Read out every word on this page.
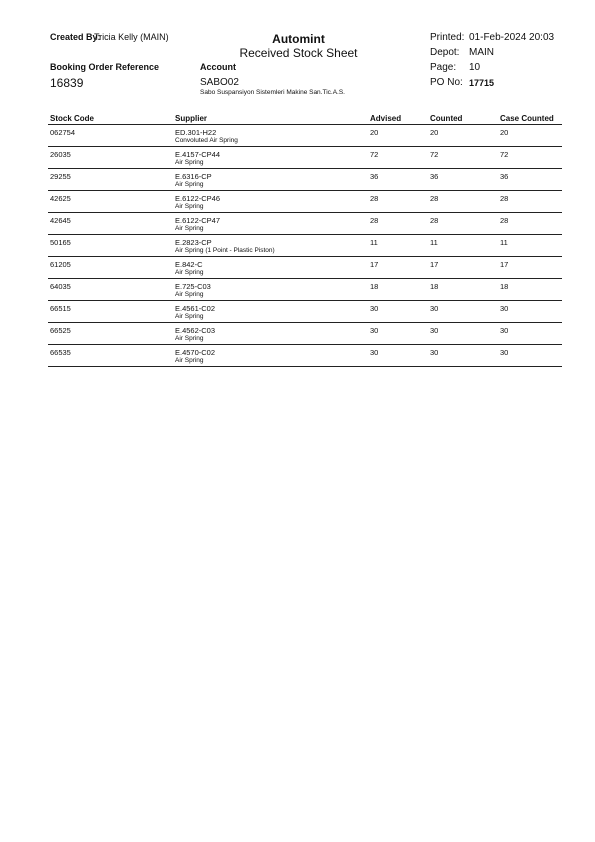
Created By:
Tricia Kelly (MAIN)	Automint
Received Stock Sheet
Printed: 01-Feb-2024 20:03
Depot: MAIN
Page: 10
PO No: 17715
Booking Order Reference
16839
Account
SABO02
Sabo Suspansiyon Sistemleri Makine San.Tic.A.S.
Stock Code	Supplier	Advised	Counted	Case Counted
062754	ED.301-H22	20	20	20
Convoluted Air Spring
26035	E.4157-CP44	72	72	72
Air Spring
29255	E.6316-CP	36	36	36
Air Spring
42625	E.6122-CP46	28	28	28
Air Spring
42645	E.6122-CP47	28	28	28
Air Spring
50165	E.2823-CP	11	11	11
Air Spring (1 Point - Plastic Piston)
61205	E.842-C	17	17	17
Air Spring
64035	E.725-C03	18	18	18
Air Spring
66515	E.4561-C02	30	30	30
Air Spring
66525	E.4562-C03	30	30	30
Air Spring
66535	E.4570-C02	30	30	30
Air Spring
